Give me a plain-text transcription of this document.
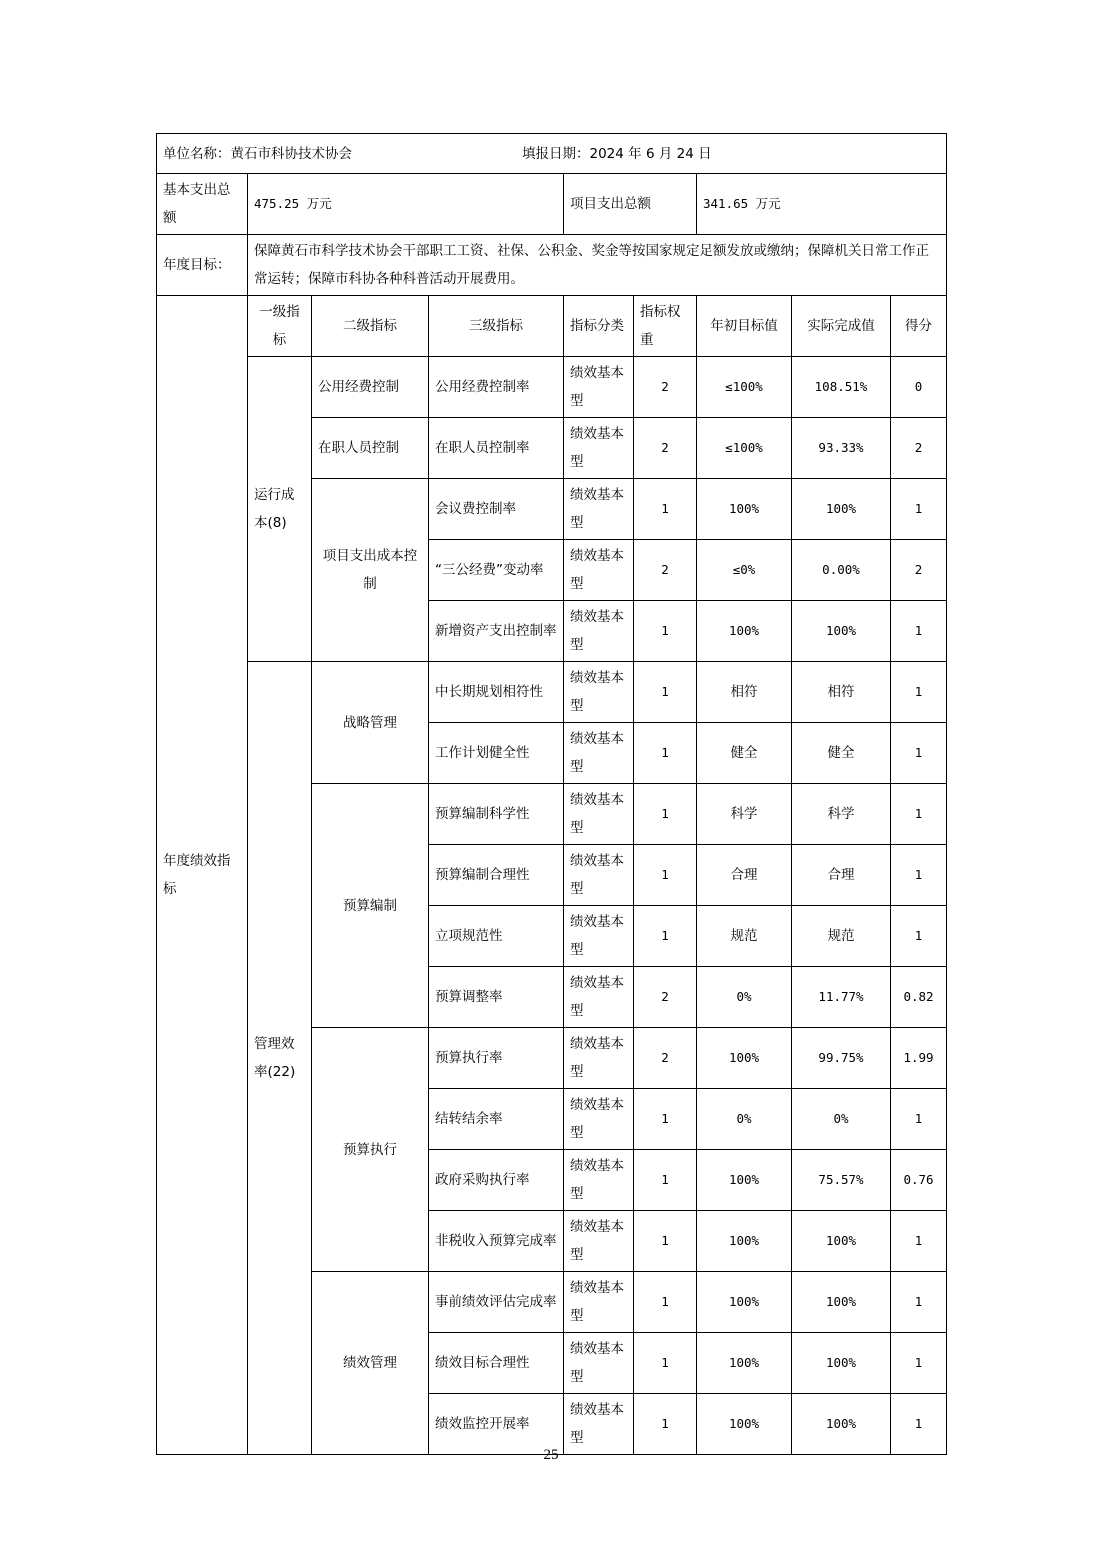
单位名称：黄石市科协技术协会 填报日期：2024 年 6 月 24 日								
基本支出总额	475.25 万元			项目支出总额		341.65 万元		
年度目标：	保障黄石市科学技术协会干部职工工资、社保、公积金、奖金等按国家规定足额发放或缴纳；保障机关日常工作正常运转；保障市科协各种科普活动开展费用。							
年度绩效指标	一级指标	二级指标	三级指标	指标分类	指标权重	年初目标值	实际完成值	得分
	运行成本(8)	公用经费控制	公用经费控制率	绩效基本型	2	≤100%	108.51%	0
		在职人员控制	在职人员控制率	绩效基本型	2	≤100%	93.33%	2
		项目支出成本控制	会议费控制率	绩效基本型	1	100%	100%	1
			“三公经费”变动率	绩效基本型	2	≤0%	0.00%	2
			新增资产支出控制率	绩效基本型	1	100%	100%	1
	管理效率(22)	战略管理	中长期规划相符性	绩效基本型	1	相符	相符	1
			工作计划健全性	绩效基本型	1	健全	健全	1
		预算编制	预算编制科学性	绩效基本型	1	科学	科学	1
			预算编制合理性	绩效基本型	1	合理	合理	1
			立项规范性	绩效基本型	1	规范	规范	1
			预算调整率	绩效基本型	2	0%	11.77%	0.82
		预算执行	预算执行率	绩效基本型	2	100%	99.75%	1.99
			结转结余率	绩效基本型	1	0%	0%	1
			政府采购执行率	绩效基本型	1	100%	75.57%	0.76
			非税收入预算完成率	绩效基本型	1	100%	100%	1
		绩效管理	事前绩效评估完成率	绩效基本型	1	100%	100%	1
			绩效目标合理性	绩效基本型	1	100%	100%	1
			绩效监控开展率	绩效基本型	1	100%	100%	1
25
